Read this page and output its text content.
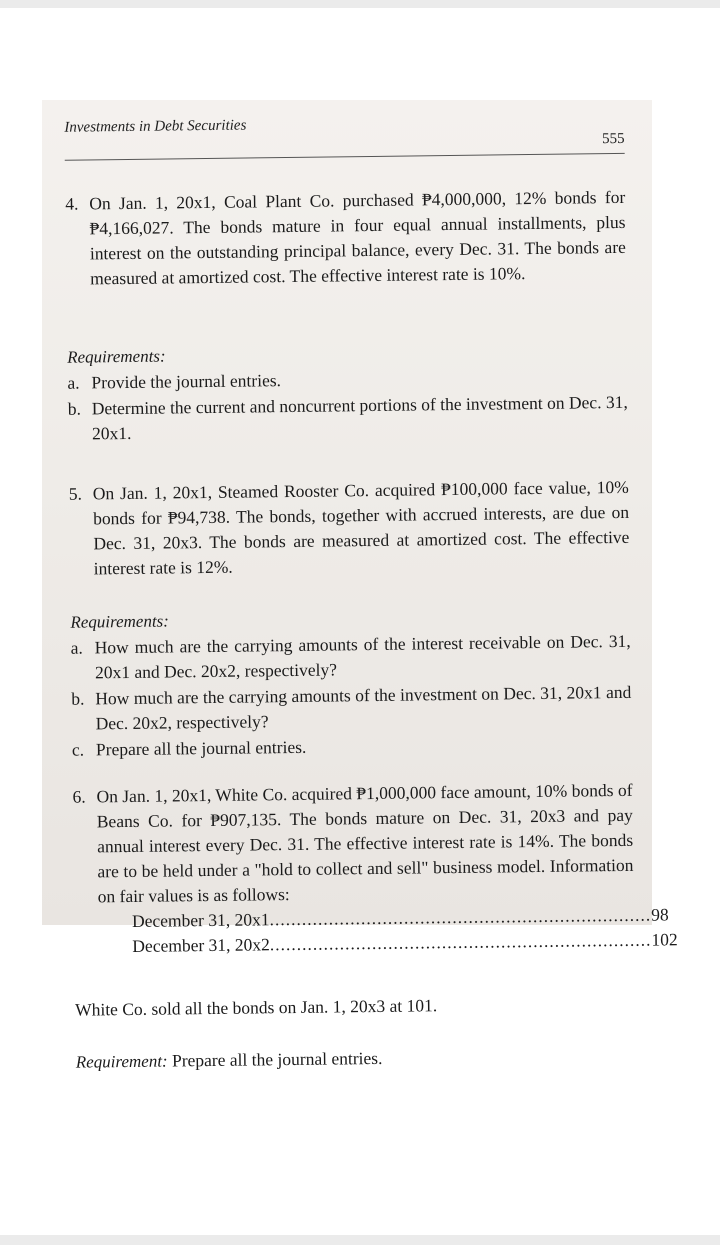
Investments in Debt Securities
555
4. On Jan. 1, 20x1, Coal Plant Co. purchased ₱4,000,000, 12% bonds for ₱4,166,027. The bonds mature in four equal annual installments, plus interest on the outstanding principal balance, every Dec. 31. The bonds are measured at amortized cost. The effective interest rate is 10%.
Requirements:
a. Provide the journal entries.
b. Determine the current and noncurrent portions of the investment on Dec. 31, 20x1.
5. On Jan. 1, 20x1, Steamed Rooster Co. acquired ₱100,000 face value, 10% bonds for ₱94,738. The bonds, together with accrued interests, are due on Dec. 31, 20x3. The bonds are measured at amortized cost. The effective interest rate is 12%.
Requirements:
a. How much are the carrying amounts of the interest receivable on Dec. 31, 20x1 and Dec. 20x2, respectively?
b. How much are the carrying amounts of the investment on Dec. 31, 20x1 and Dec. 20x2, respectively?
c. Prepare all the journal entries.
6. On Jan. 1, 20x1, White Co. acquired ₱1,000,000 face amount, 10% bonds of Beans Co. for ₱907,135. The bonds mature on Dec. 31, 20x3 and pay annual interest every Dec. 31. The effective interest rate is 14%. The bonds are to be held under a "hold to collect and sell" business model. Information on fair values is as follows:
December 31, 20x1 ....................................................................... 98
December 31, 20x2 ....................................................................... 102
White Co. sold all the bonds on Jan. 1, 20x3 at 101.
Requirement: Prepare all the journal entries.
